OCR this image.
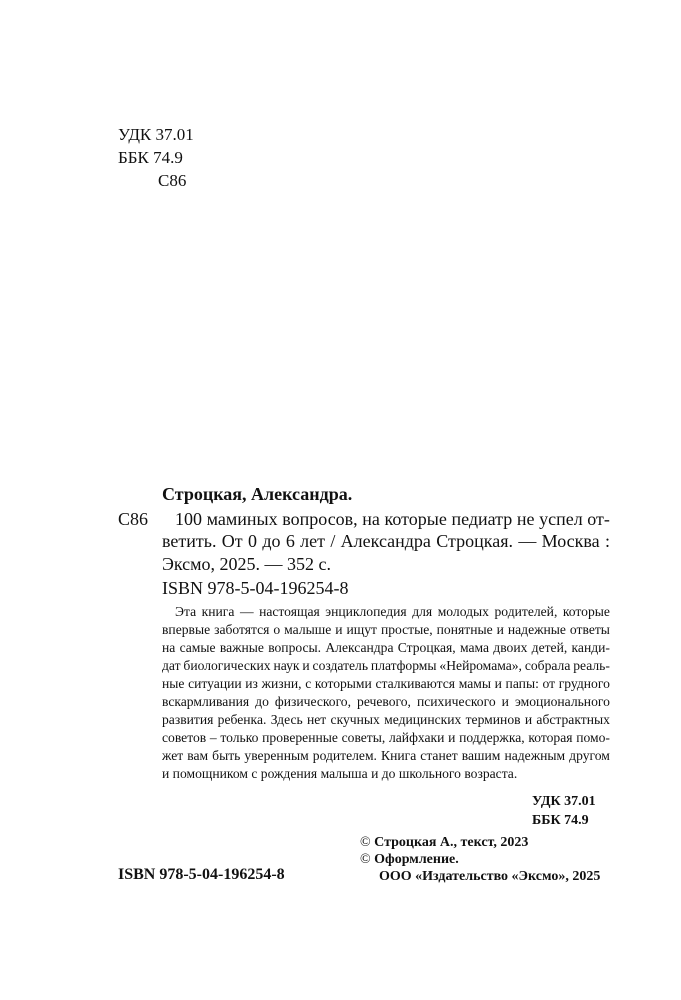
УДК 37.01
ББК 74.9
С86
Строцкая, Александра.
С86 100 маминых вопросов, на которые педиатр не успел от-
ветить. От 0 до 6 лет / Александра Строцкая. — Москва :
Эксмо, 2025. — 352 с.
ISBN 978-5-04-196254-8
Эта книга — настоящая энциклопедия для молодых родителей, которые
впервые заботятся о малыше и ищут простые, понятные и надежные ответы
на самые важные вопросы. Александра Строцкая, мама двоих детей, канди-
дат биологических наук и создатель платформы «Нейромама», собрала реаль-
ные ситуации из жизни, с которыми сталкиваются мамы и папы: от грудного
вскармливания до физического, речевого, психического и эмоционального
развития ребенка. Здесь нет скучных медицинских терминов и абстрактных
советов – только проверенные советы, лайфхаки и поддержка, которая помо-
жет вам быть уверенным родителем. Книга станет вашим надежным другом
и помощником с рождения малыша и до школьного возраста.
УДК 37.01
ББК 74.9
ISBN 978-5-04-196254-8
© Строцкая А., текст, 2023
© Оформление.
ООО «Издательство «Эксмо», 2025
